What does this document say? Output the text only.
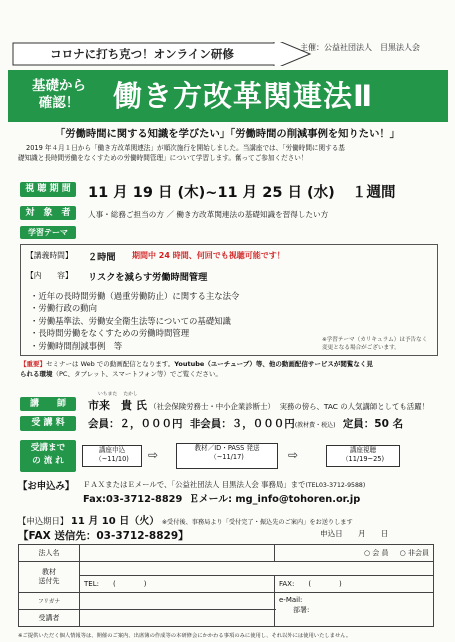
コロナに打ち克つ！オンライン研修	主催：公益社団法人　目黒法人会
基礎から
確認！	働き方改革関連法Ⅱ
「労働時間に関する知識を学びたい」「労働時間の削減事例を知りたい！」
2019 年４月１日から「働き方改革関連法」が順次施行を開始しました。当講座では、「労働時間に関する基
礎知識と長時間労働をなくすための労働時間管理」について学習します。奮ってご参加ください！
視 聴 期 間	11 月 19 日 (木)~11 月 25 日 (水) １週間
対　象　者	人事・総務ご担当の方 ／ 働き方改革関連法の基礎知識を習得したい方
学習テーマ
【講義時間】 ２時間 期間中 24 時間、何回でも視聴可能です！
【内　　容】 リスクを減らす労働時間管理
・近年の長時間労働（過重労働防止）に関する主な法令
・労働行政の動向
・労働基準法、労働安全衛生法等についての基礎知識
・長時間労働をなくすための労働時間管理
・労働時間削減事例　等
※学習テーマ（カリキュラム）は予告なく変更となる場合がございます。
【重要】セミナーは Web での動画配信となります。Youtube（ユーチューブ）等、他の動画配信サービスが閲覧なく見
られる環境（PC、タブレット、スマートフォン等）でご覧ください。
講　　師
いちまた たかし
市来　貴 氏 （社会保険労務士・中小企業診断士） 実務の傍ら、TAC の人気講師としても活躍！
受 講 料	会員：２，０００円 非会員：３，０００円(教材費・税込) 定員：50 名
受講まで
の 流 れ
講座申込
（~11/10)	⇨	教材／ID・PASS 発送
（~11/17)	⇨	講座視聴
（11/19~25)
【お申込み】 ＦＡＸまたはＥメールで、「公益社団法人 目黒法人会 事務局」まで(TEL03-3712-9588)
Fax:03-3712-8829 Ｅメール: mg_info@tohoren.or.jp
【申込期日】 11 月 10 日（火） ※受付後、事務局より「受付完了・振込先のご案内」をお送りします
【FAX 送信先：03-3712-8829】	申込日　　月　　日
法人名		○ 会 員 ○ 非会員

教材
送付先		

	TEL:　　(　　　　)	FAX:　　(　　　　)
フリガナ		e-Mail:
部署:

受講者		
※ご提供いただく個人情報等は、開催のご案内、出席簿の作成等の本研修会にかかわる事項のみに使用し、それ以外には使用いたしません。
